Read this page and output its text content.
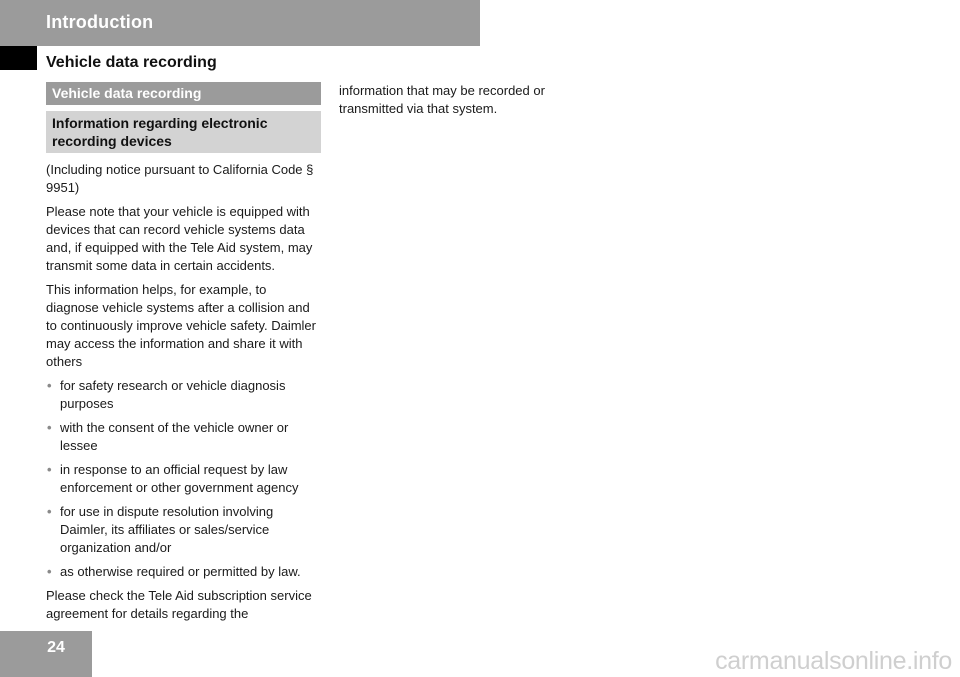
Introduction
Vehicle data recording
Vehicle data recording
Information regarding electronic recording devices

(Including notice pursuant to California Code § 9951)

Please note that your vehicle is equipped with devices that can record vehicle systems data and, if equipped with the Tele Aid system, may transmit some data in certain accidents.

This information helps, for example, to diagnose vehicle systems after a collision and to continuously improve vehicle safety. Daimler may access the information and share it with others

• for safety research or vehicle diagnosis purposes
• with the consent of the vehicle owner or lessee
• in response to an official request by law enforcement or other government agency
• for use in dispute resolution involving Daimler, its affiliates or sales/service organization and/or
• as otherwise required or permitted by law.

Please check the Tele Aid subscription service agreement for details regarding the

information that may be recorded or transmitted via that system.

24	carmanualsonline.info
